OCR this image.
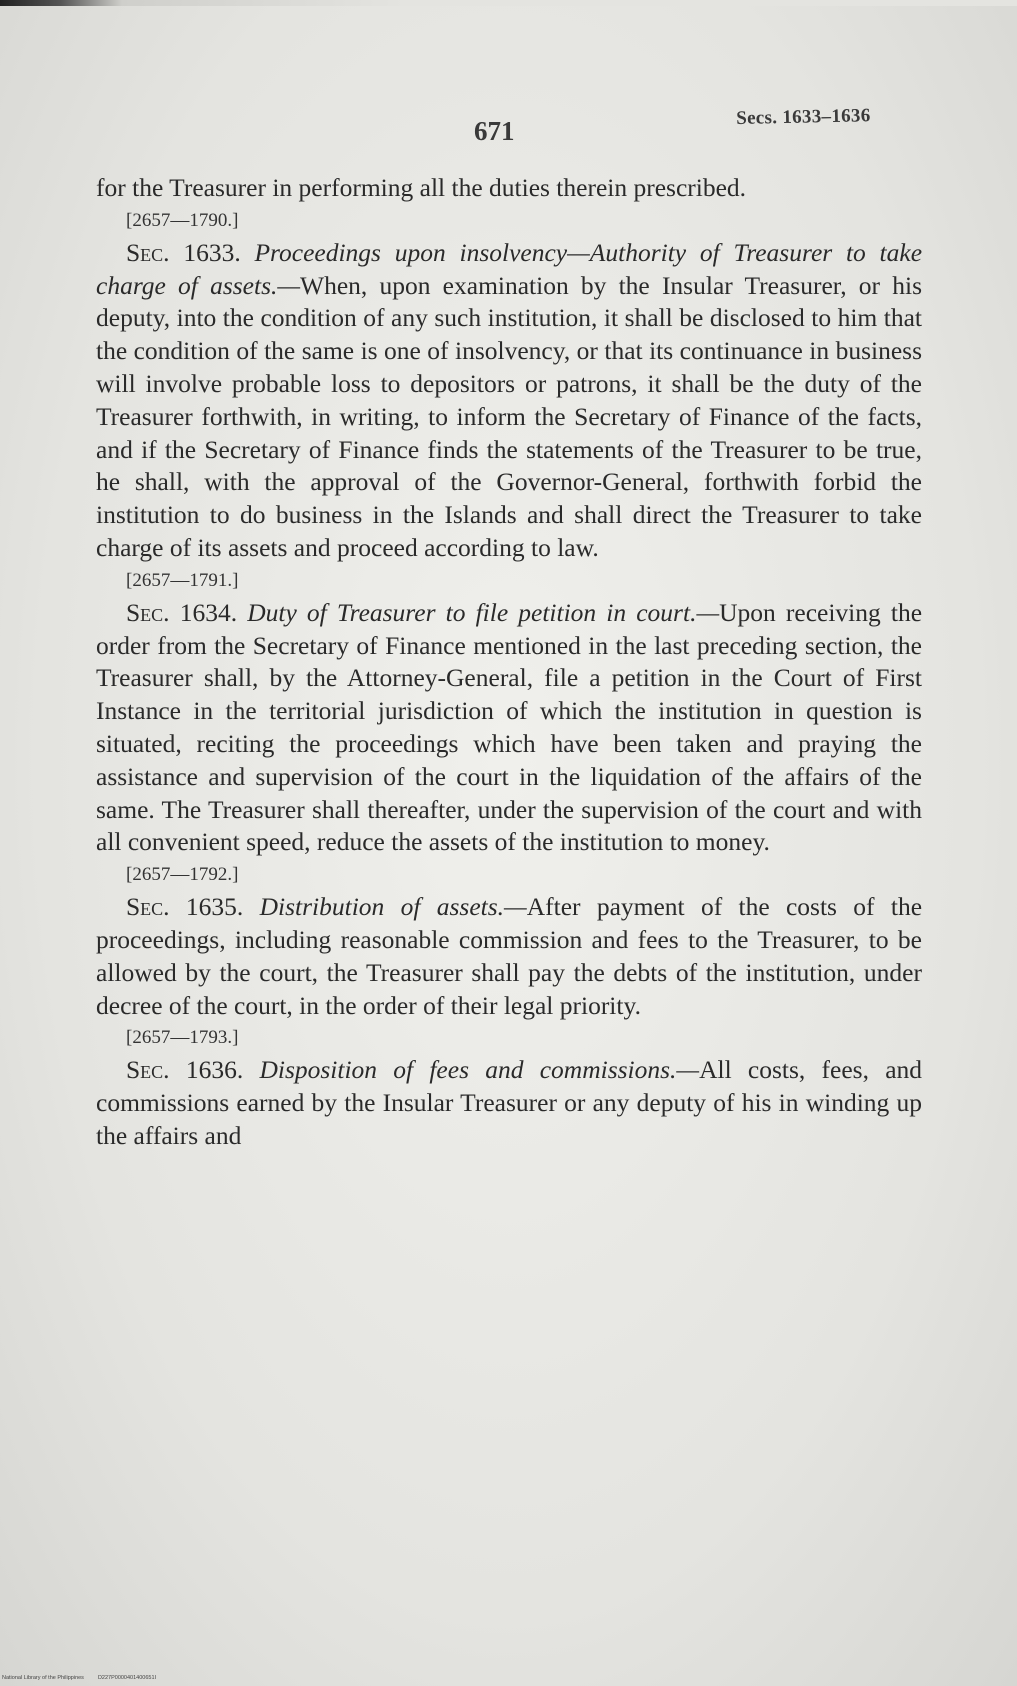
671	Secs. 1633–1636

for the Treasurer in performing all the duties therein prescribed.

[2657—1790.]

Sec. 1633. Proceedings upon insolvency—Authority of Treasurer to take charge of assets.—When, upon examination by the Insular Treasurer, or his deputy, into the condition of any such institution, it shall be disclosed to him that the condition of the same is one of insolvency, or that its continuance in business will involve probable loss to depositors or patrons, it shall be the duty of the Treasurer forthwith, in writing, to inform the Secretary of Finance of the facts, and if the Secretary of Finance finds the statements of the Treasurer to be true, he shall, with the approval of the Governor-General, forthwith forbid the institution to do business in the Islands and shall direct the Treasurer to take charge of its assets and proceed according to law.

[2657—1791.]

Sec. 1634. Duty of Treasurer to file petition in court.—Upon receiving the order from the Secretary of Finance mentioned in the last preceding section, the Treasurer shall, by the Attorney-General, file a petition in the Court of First Instance in the territorial jurisdiction of which the institution in question is situated, reciting the proceedings which have been taken and praying the assistance and supervision of the court in the liquidation of the affairs of the same. The Treasurer shall thereafter, under the supervision of the court and with all convenient speed, reduce the assets of the institution to money.

[2657—1792.]

Sec. 1635. Distribution of assets.—After payment of the costs of the proceedings, including reasonable commission and fees to the Treasurer, to be allowed by the court, the Treasurer shall pay the debts of the institution, under decree of the court, in the order of their legal priority.

[2657—1793.]

Sec. 1636. Disposition of fees and commissions.—All costs, fees, and commissions earned by the Insular Treasurer or any deputy of his in winding up the affairs and

National Library of the Philippines	D227P0000401400651I
